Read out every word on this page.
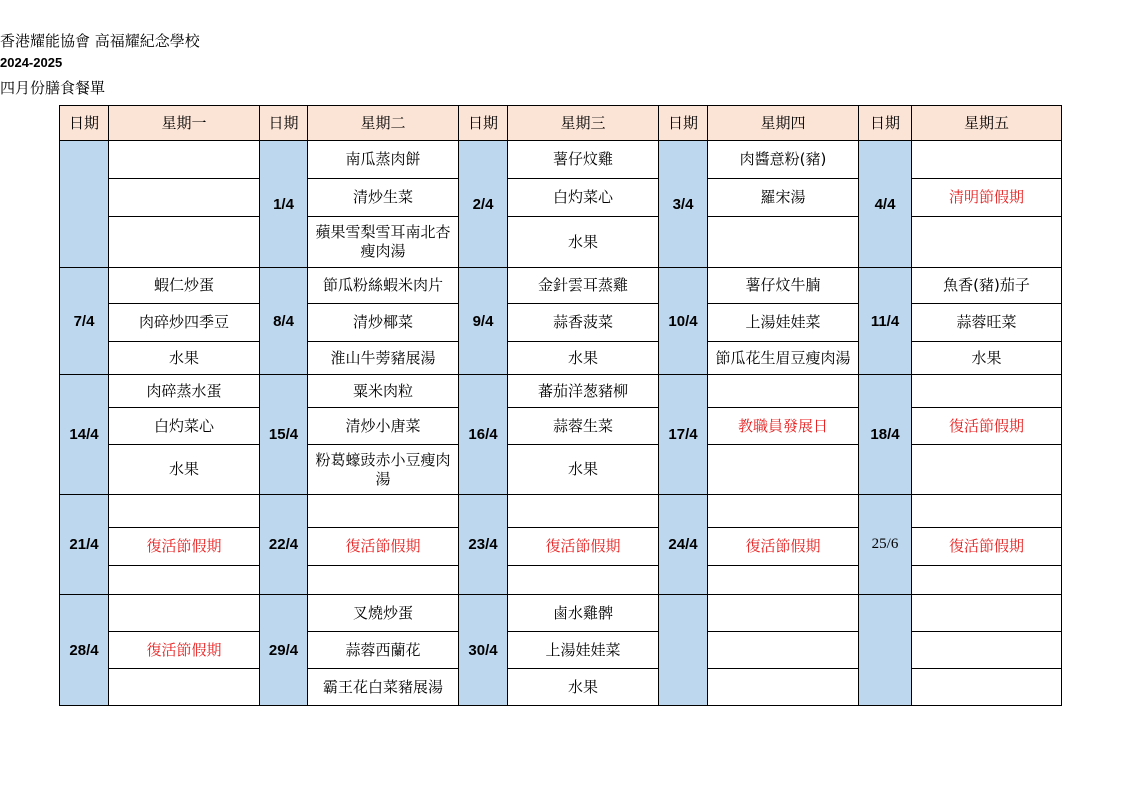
香港耀能協會 高福耀紀念學校
2024-2025
四月份膳食餐單
日期	星期一	日期	星期二	日期	星期三	日期	星期四	日期	星期五
		1/4	南瓜蒸肉餅	2/4	薯仔炆雞	3/4	肉醬意粉(豬)	4/4	
			清炒生菜		白灼菜心		羅宋湯		清明節假期
			蘋果雪梨雪耳南北杏瘦肉湯		水果				
7/4	蝦仁炒蛋	8/4	節瓜粉絲蝦米肉片	9/4	金針雲耳蒸雞	10/4	薯仔炆牛腩	11/4	魚香(豬)茄子
	肉碎炒四季豆		清炒椰菜		蒜香菠菜		上湯娃娃菜		蒜蓉旺菜
	水果		淮山牛蒡豬展湯		水果		節瓜花生眉豆瘦肉湯		水果
14/4	肉碎蒸水蛋	15/4	粟米肉粒	16/4	蕃茄洋葱豬柳	17/4		18/4	
	白灼菜心		清炒小唐菜		蒜蓉生菜		教職員發展日		復活節假期
	水果		粉葛蠔豉赤小豆瘦肉湯		水果				
21/4		22/4		23/4		24/4		25/6	
	復活節假期		復活節假期		復活節假期		復活節假期		復活節假期

28/4		29/4	叉燒炒蛋	30/4	鹵水雞髀				
	復活節假期		蒜蓉西蘭花		上湯娃娃菜				
			霸王花白菜豬展湯		水果				
